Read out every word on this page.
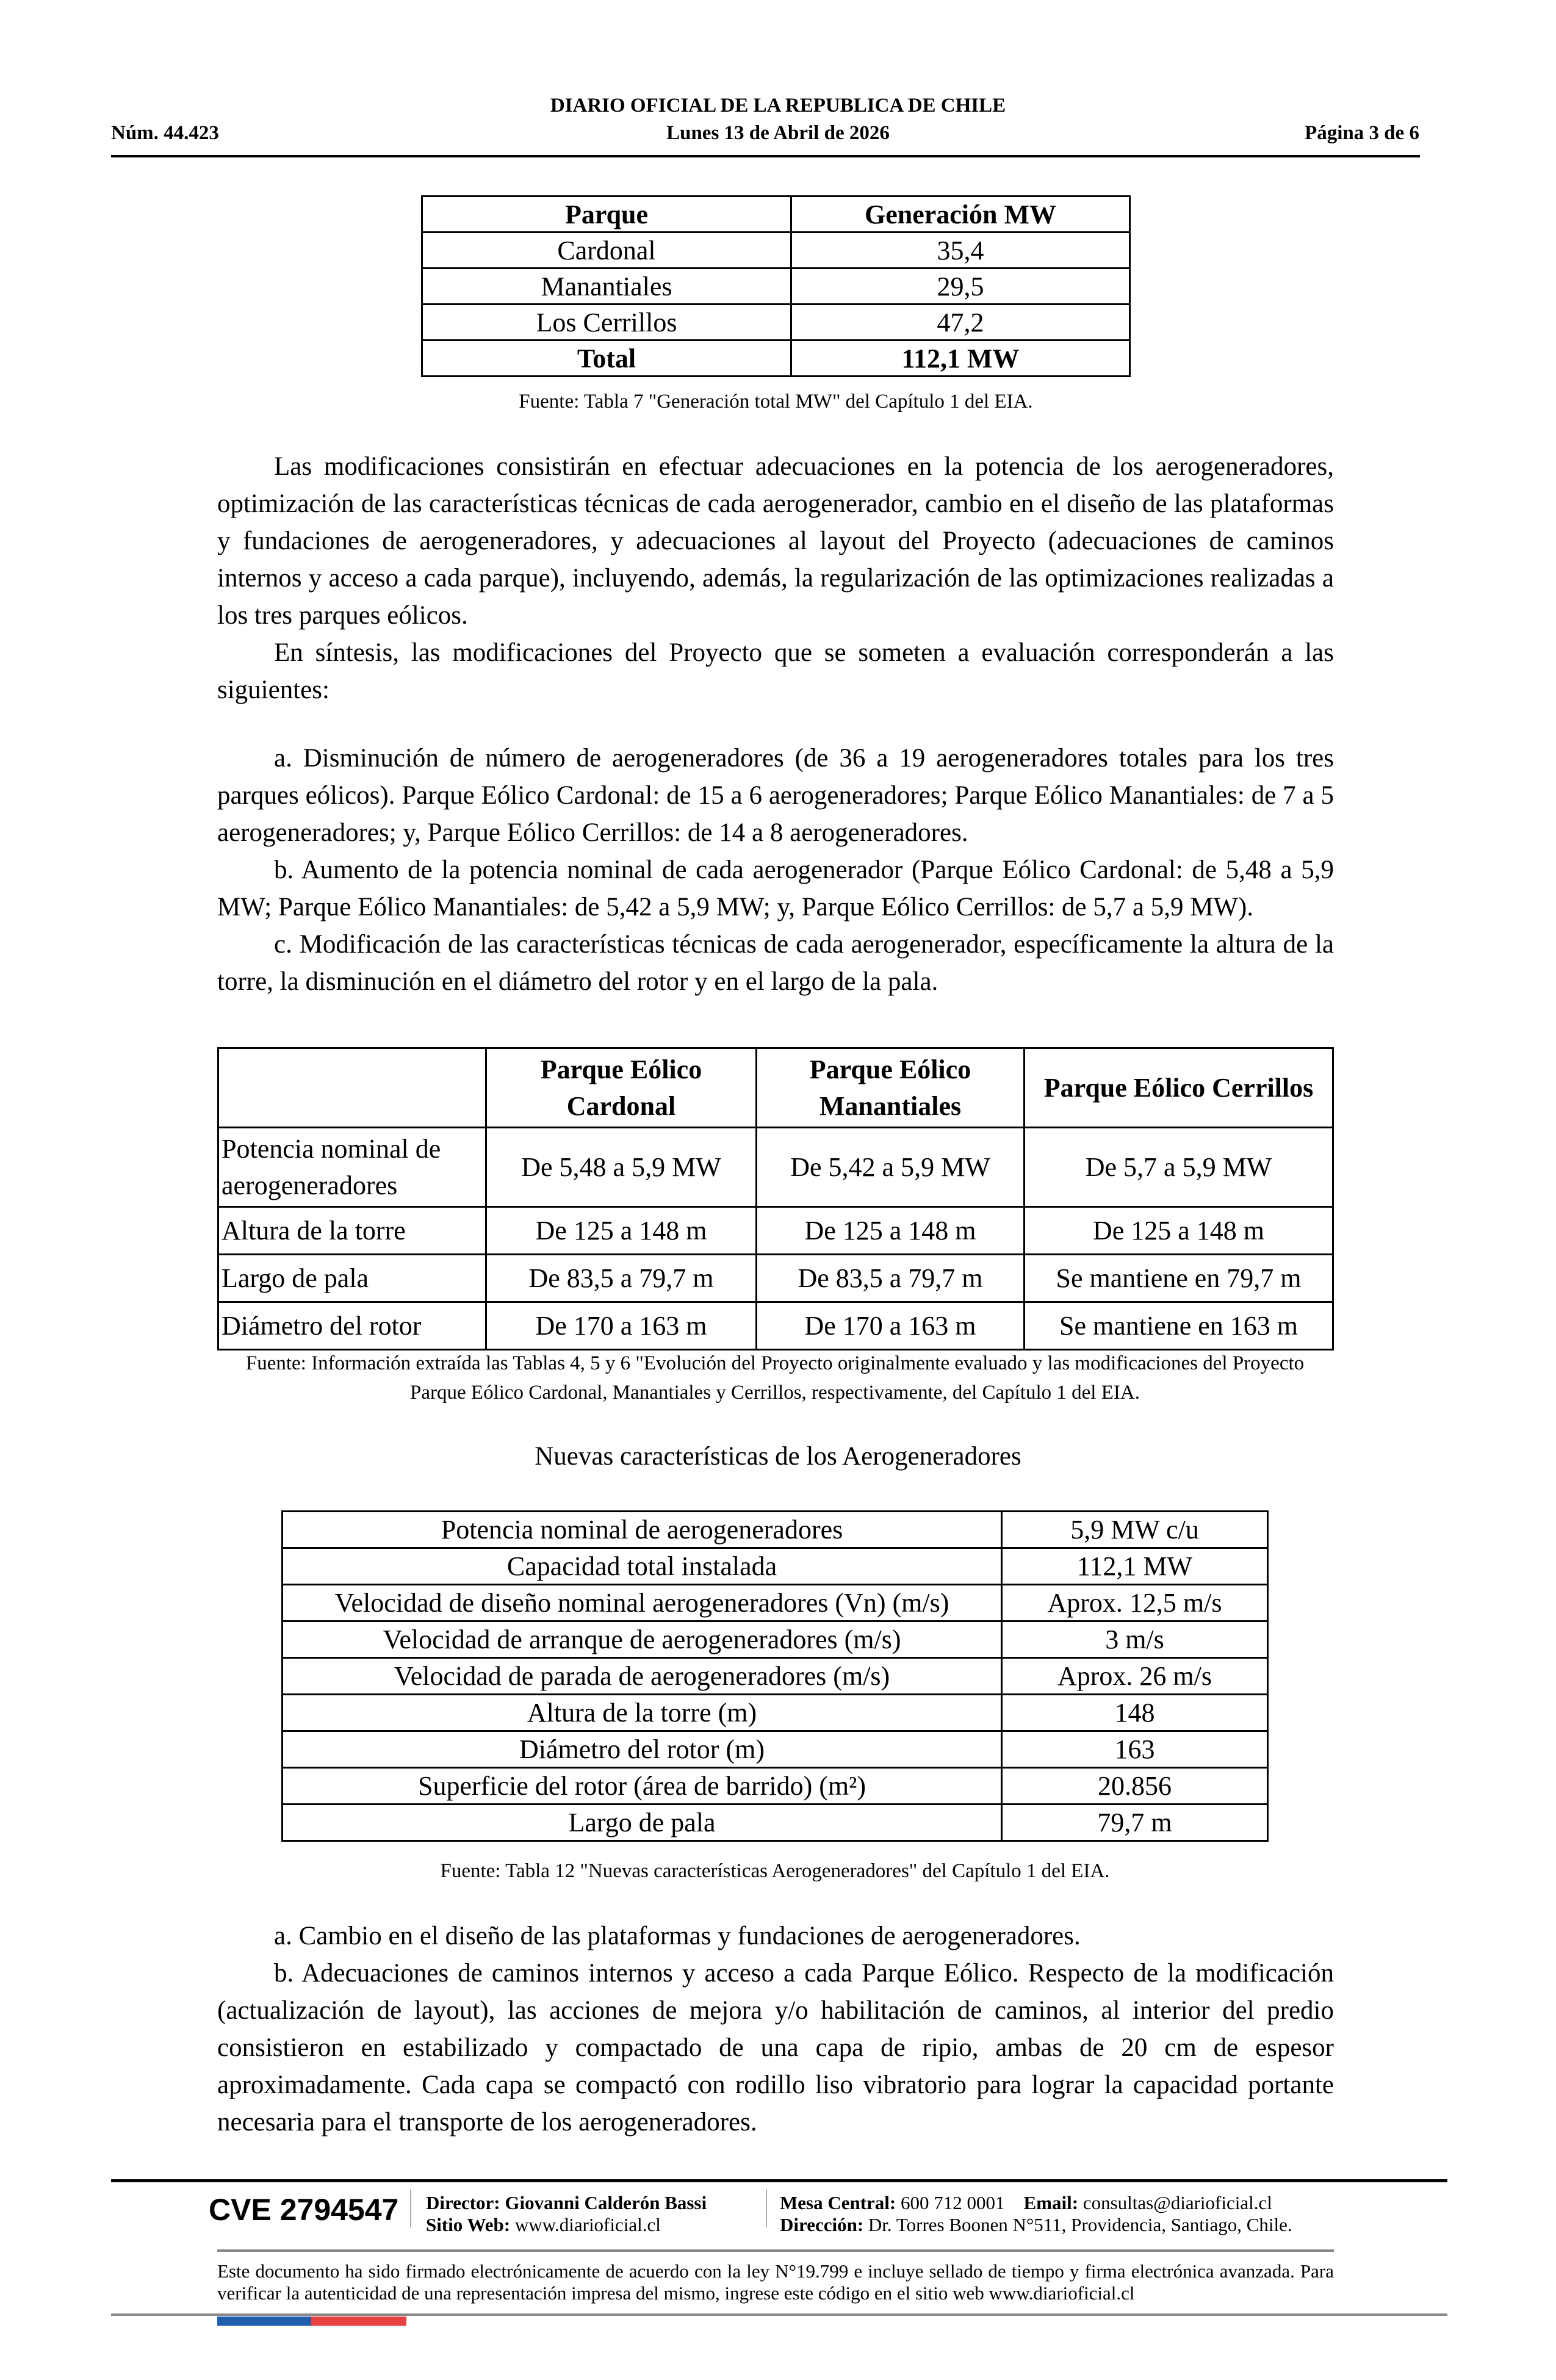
DIARIO OFICIAL DE LA REPUBLICA DE CHILE
Núm. 44.423	Lunes 13 de Abril de 2026	Página 3 de 6
Parque	Generación MW
Cardonal	35,4
Manantiales	29,5
Los Cerrillos	47,2
Total	112,1 MW
Fuente: Tabla 7 "Generación total MW" del Capítulo 1 del EIA.

Las modificaciones consistirán en efectuar adecuaciones en la potencia de los aerogeneradores, optimización de las características técnicas de cada aerogenerador, cambio en el diseño de las plataformas y fundaciones de aerogeneradores, y adecuaciones al layout del Proyecto (adecuaciones de caminos internos y acceso a cada parque), incluyendo, además, la regularización de las optimizaciones realizadas a los tres parques eólicos.

En síntesis, las modificaciones del Proyecto que se someten a evaluación corresponderán a las siguientes:

a. Disminución de número de aerogeneradores (de 36 a 19 aerogeneradores totales para los tres parques eólicos). Parque Eólico Cardonal: de 15 a 6 aerogeneradores; Parque Eólico Manantiales: de 7 a 5 aerogeneradores; y, Parque Eólico Cerrillos: de 14 a 8 aerogeneradores.

b. Aumento de la potencia nominal de cada aerogenerador (Parque Eólico Cardonal: de 5,48 a 5,9 MW; Parque Eólico Manantiales: de 5,42 a 5,9 MW; y, Parque Eólico Cerrillos: de 5,7 a 5,9 MW).

c. Modificación de las características técnicas de cada aerogenerador, específicamente la altura de la torre, la disminución en el diámetro del rotor y en el largo de la pala.

	Parque Eólico Cardonal	Parque Eólico Manantiales	Parque Eólico Cerrillos
Potencia nominal de aerogeneradores	De 5,48 a 5,9 MW	De 5,42 a 5,9 MW	De 5,7 a 5,9 MW
Altura de la torre	De 125 a 148 m	De 125 a 148 m	De 125 a 148 m
Largo de pala	De 83,5 a 79,7 m	De 83,5 a 79,7 m	Se mantiene en 79,7 m
Diámetro del rotor	De 170 a 163 m	De 170 a 163 m	Se mantiene en 163 m
Fuente: Información extraída las Tablas 4, 5 y 6 "Evolución del Proyecto originalmente evaluado y las modificaciones del Proyecto Parque Eólico Cardonal, Manantiales y Cerrillos, respectivamente, del Capítulo 1 del EIA.
Nuevas características de los Aerogeneradores
Potencia nominal de aerogeneradores	5,9 MW c/u
Capacidad total instalada	112,1 MW
Velocidad de diseño nominal aerogeneradores (Vn) (m/s)	Aprox. 12,5 m/s
Velocidad de arranque de aerogeneradores (m/s)	3 m/s
Velocidad de parada de aerogeneradores (m/s)	Aprox. 26 m/s
Altura de la torre (m)	148
Diámetro del rotor (m)	163
Superficie del rotor (área de barrido) (m²)	20.856
Largo de pala	79,7 m
Fuente: Tabla 12 "Nuevas características Aerogeneradores" del Capítulo 1 del EIA.

a. Cambio en el diseño de las plataformas y fundaciones de aerogeneradores.

b. Adecuaciones de caminos internos y acceso a cada Parque Eólico. Respecto de la modificación (actualización de layout), las acciones de mejora y/o habilitación de caminos, al interior del predio consistieron en estabilizado y compactado de una capa de ripio, ambas de 20 cm de espesor aproximadamente. Cada capa se compactó con rodillo liso vibratorio para lograr la capacidad portante necesaria para el transporte de los aerogeneradores.

CVE 2794547 Director: Giovanni Calderón Bassi
Sitio Web: www.diarioficial.cl
Mesa Central: 600 712 0001 Email: consultas@diarioficial.cl
Dirección: Dr. Torres Boonen N°511, Providencia, Santiago, Chile.
Este documento ha sido firmado electrónicamente de acuerdo con la ley N°19.799 e incluye sellado de tiempo y firma electrónica avanzada. Para verificar la autenticidad de una representación impresa del mismo, ingrese este código en el sitio web www.diarioficial.cl
